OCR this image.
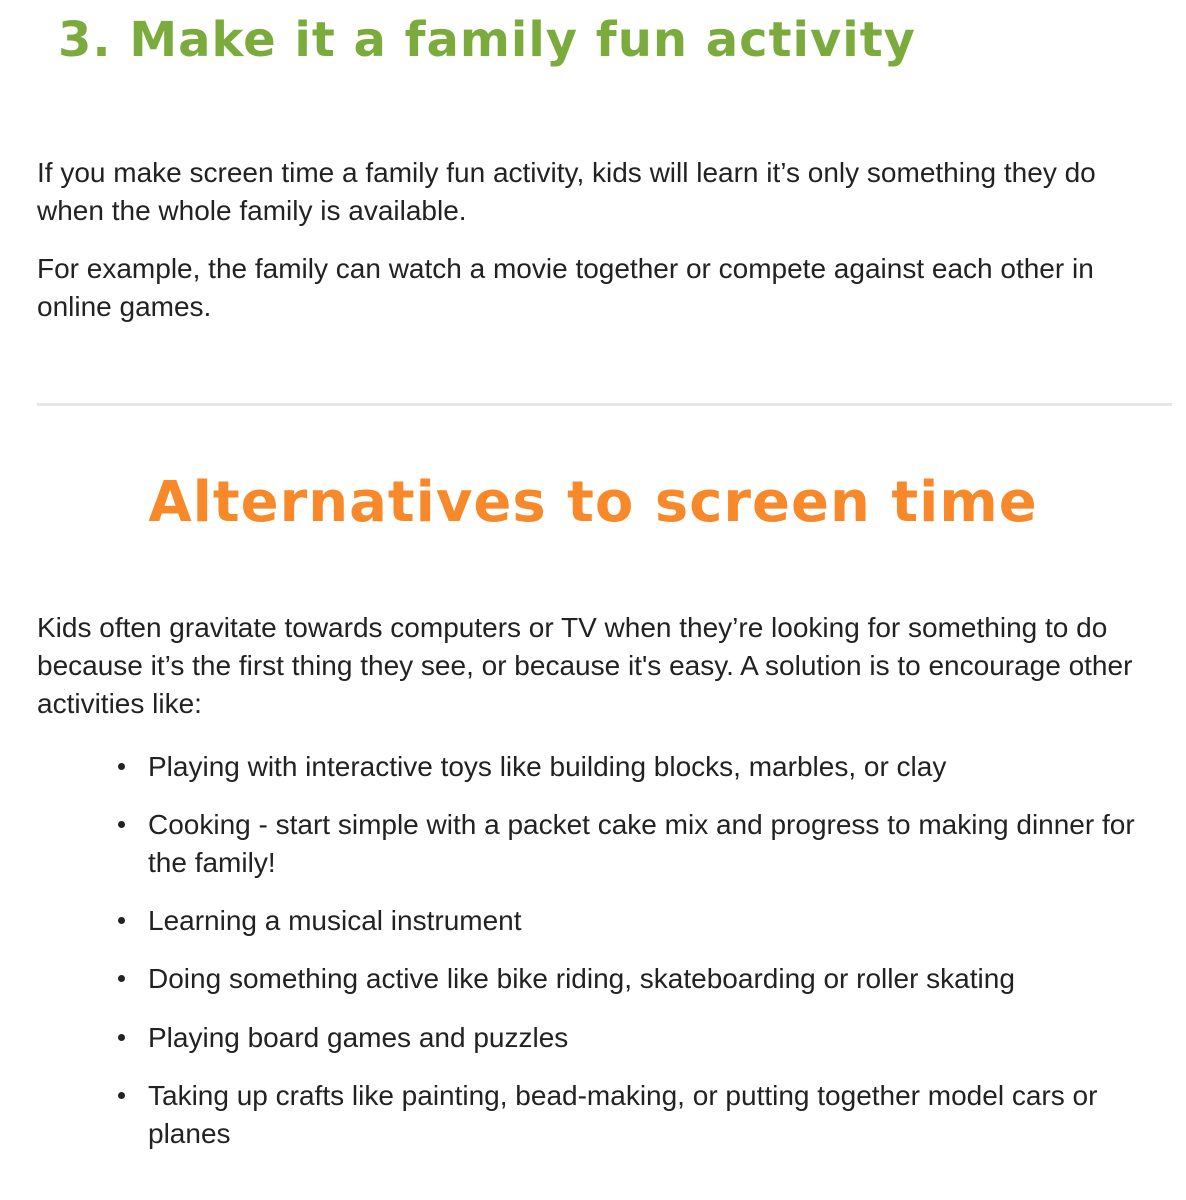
3. Make it a family fun activity

If you make screen time a family fun activity, kids will learn it’s only something they do when the whole family is available.

For example, the family can watch a movie together or compete against each other in online games.

Alternatives to screen time

Kids often gravitate towards computers or TV when they’re looking for something to do because it’s the first thing they see, or because it's easy. A solution is to encourage other activities like:

Playing with interactive toys like building blocks, marbles, or clay
Cooking - start simple with a packet cake mix and progress to making dinner for the family!
Learning a musical instrument
Doing something active like bike riding, skateboarding or roller skating
Playing board games and puzzles
Taking up crafts like painting, bead-making, or putting together model cars or planes
